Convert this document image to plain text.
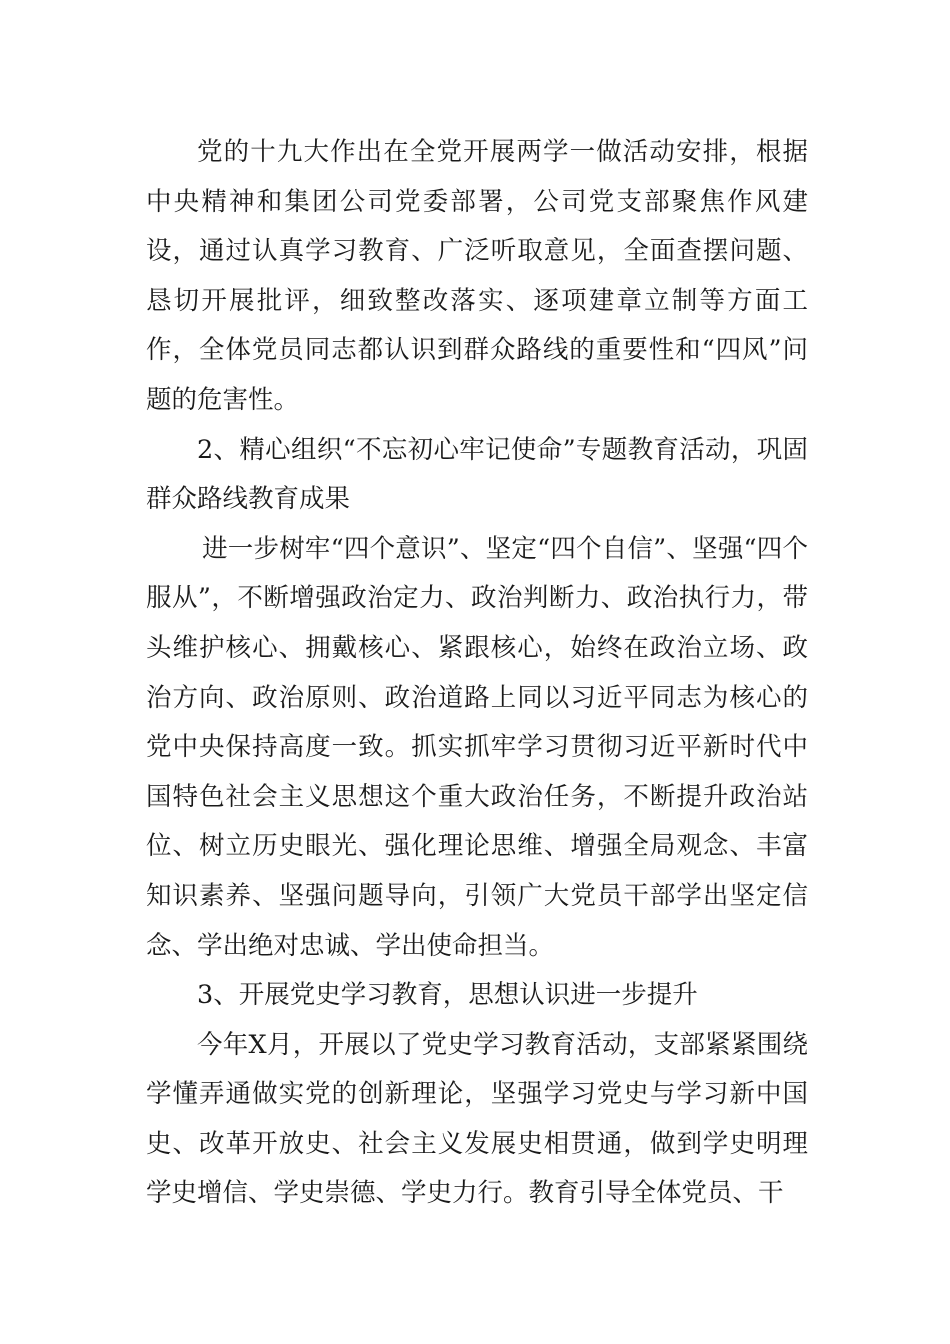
党的十九大作出在全党开展两学一做活动安排，根据中央精神和集团公司党委部署，公司党支部聚焦作风建设，通过认真学习教育、广泛听取意见，全面查摆问题、恳切开展批评，细致整改落实、逐项建章立制等方面工作，全体党员同志都认识到群众路线的重要性和“四风”问题的危害性。

2、精心组织“不忘初心牢记使命”专题教育活动，巩固群众路线教育成果

进一步树牢“四个意识”、坚定“四个自信”、坚强“四个服从”，不断增强政治定力、政治判断力、政治执行力，带头维护核心、拥戴核心、紧跟核心，始终在政治立场、政治方向、政治原则、政治道路上同以习近平同志为核心的党中央保持高度一致。抓实抓牢学习贯彻习近平新时代中国特色社会主义思想这个重大政治任务，不断提升政治站位、树立历史眼光、强化理论思维、增强全局观念、丰富知识素养、坚强问题导向，引领广大党员干部学出坚定信念、学出绝对忠诚、学出使命担当。

3、开展党史学习教育，思想认识进一步提升

今年X月，开展以了党史学习教育活动，支部紧紧围绕学懂弄通做实党的创新理论，坚强学习党史与学习新中国史、改革开放史、社会主义发展史相贯通，做到学史明理学史增信、学史崇德、学史力行。教育引导全体党员、干
